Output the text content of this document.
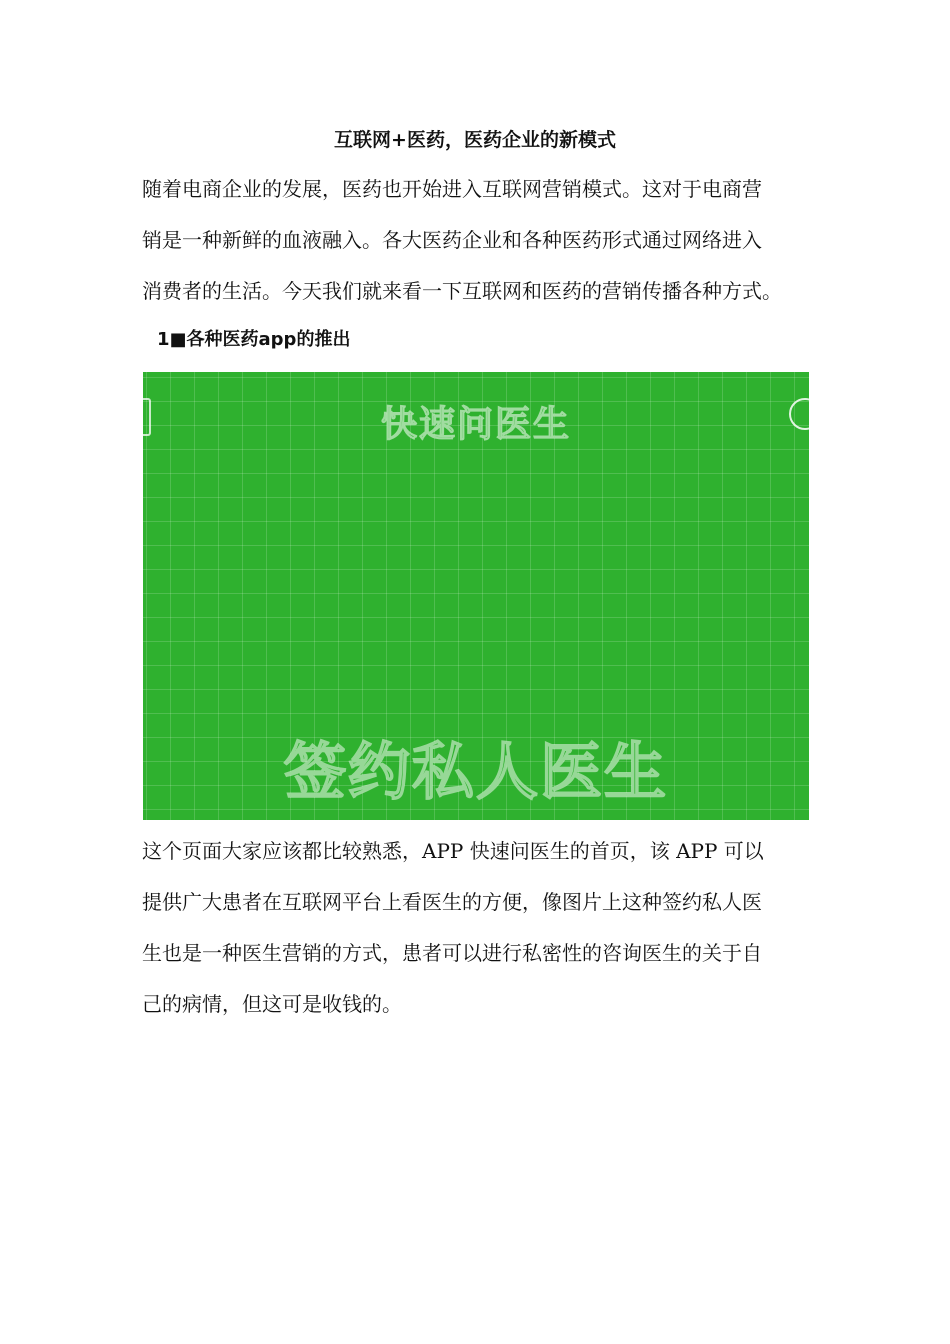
互联网+医药，医药企业的新模式

随着电商企业的发展，医药也开始进入互联网营销模式。这对于电商营
销是一种新鲜的血液融入。各大医药企业和各种医药形式通过网络进入
消费者的生活。今天我们就来看一下互联网和医药的营销传播各种方式。

1■各种医药app的推出
快速问医生
签约私人医生

这个页面大家应该都比较熟悉，APP 快速问医生的首页，该 APP 可以
提供广大患者在互联网平台上看医生的方便，像图片上这种签约私人医
生也是一种医生营销的方式，患者可以进行私密性的咨询医生的关于自
己的病情，但这可是收钱的。
